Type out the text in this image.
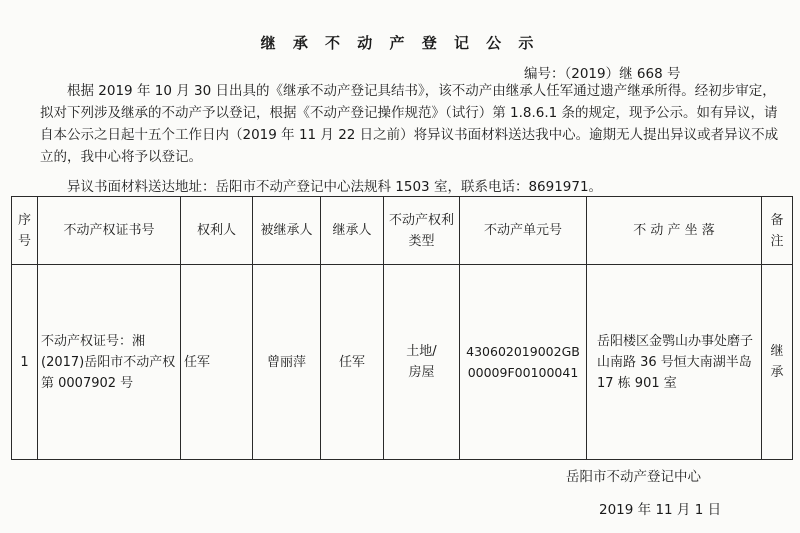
继 承 不 动 产 登 记 公 示
编号：（2019）继 668 号
根据 2019 年 10 月 30 日出具的《继承不动产登记具结书》，该不动产由继承人任军通过遗产继承所得。经初步审定， 拟对下列涉及继承的不动产予以登记，根据《不动产登记操作规范》（试行）第 1.8.6.1 条的规定，现予公示。如有异议，请自本公示之日起十五个工作日内（2019 年 11 月 22 日之前）将异议书面材料送达我中心。逾期无人提出异议或者异议不成立的，我中心将予以登记。
异议书面材料送达地址：岳阳市不动产登记中心法规科 1503 室，联系电话：8691971。
序号	不动产权证书号	权利人	被继承人	继承人	不动产权利类型	不动产单元号	不 动 产 坐 落	备注
1	不动产权证号：湘(2017)岳阳市不动产权第 0007902 号	任军	曾丽萍	任军	土地/房屋	430602019002GB00009F00100041	岳阳楼区金鹗山办事处磨子山南路 36 号恒大南湖半岛 17 栋 901 室	继承
岳阳市不动产登记中心
2019 年 11 月 1 日
